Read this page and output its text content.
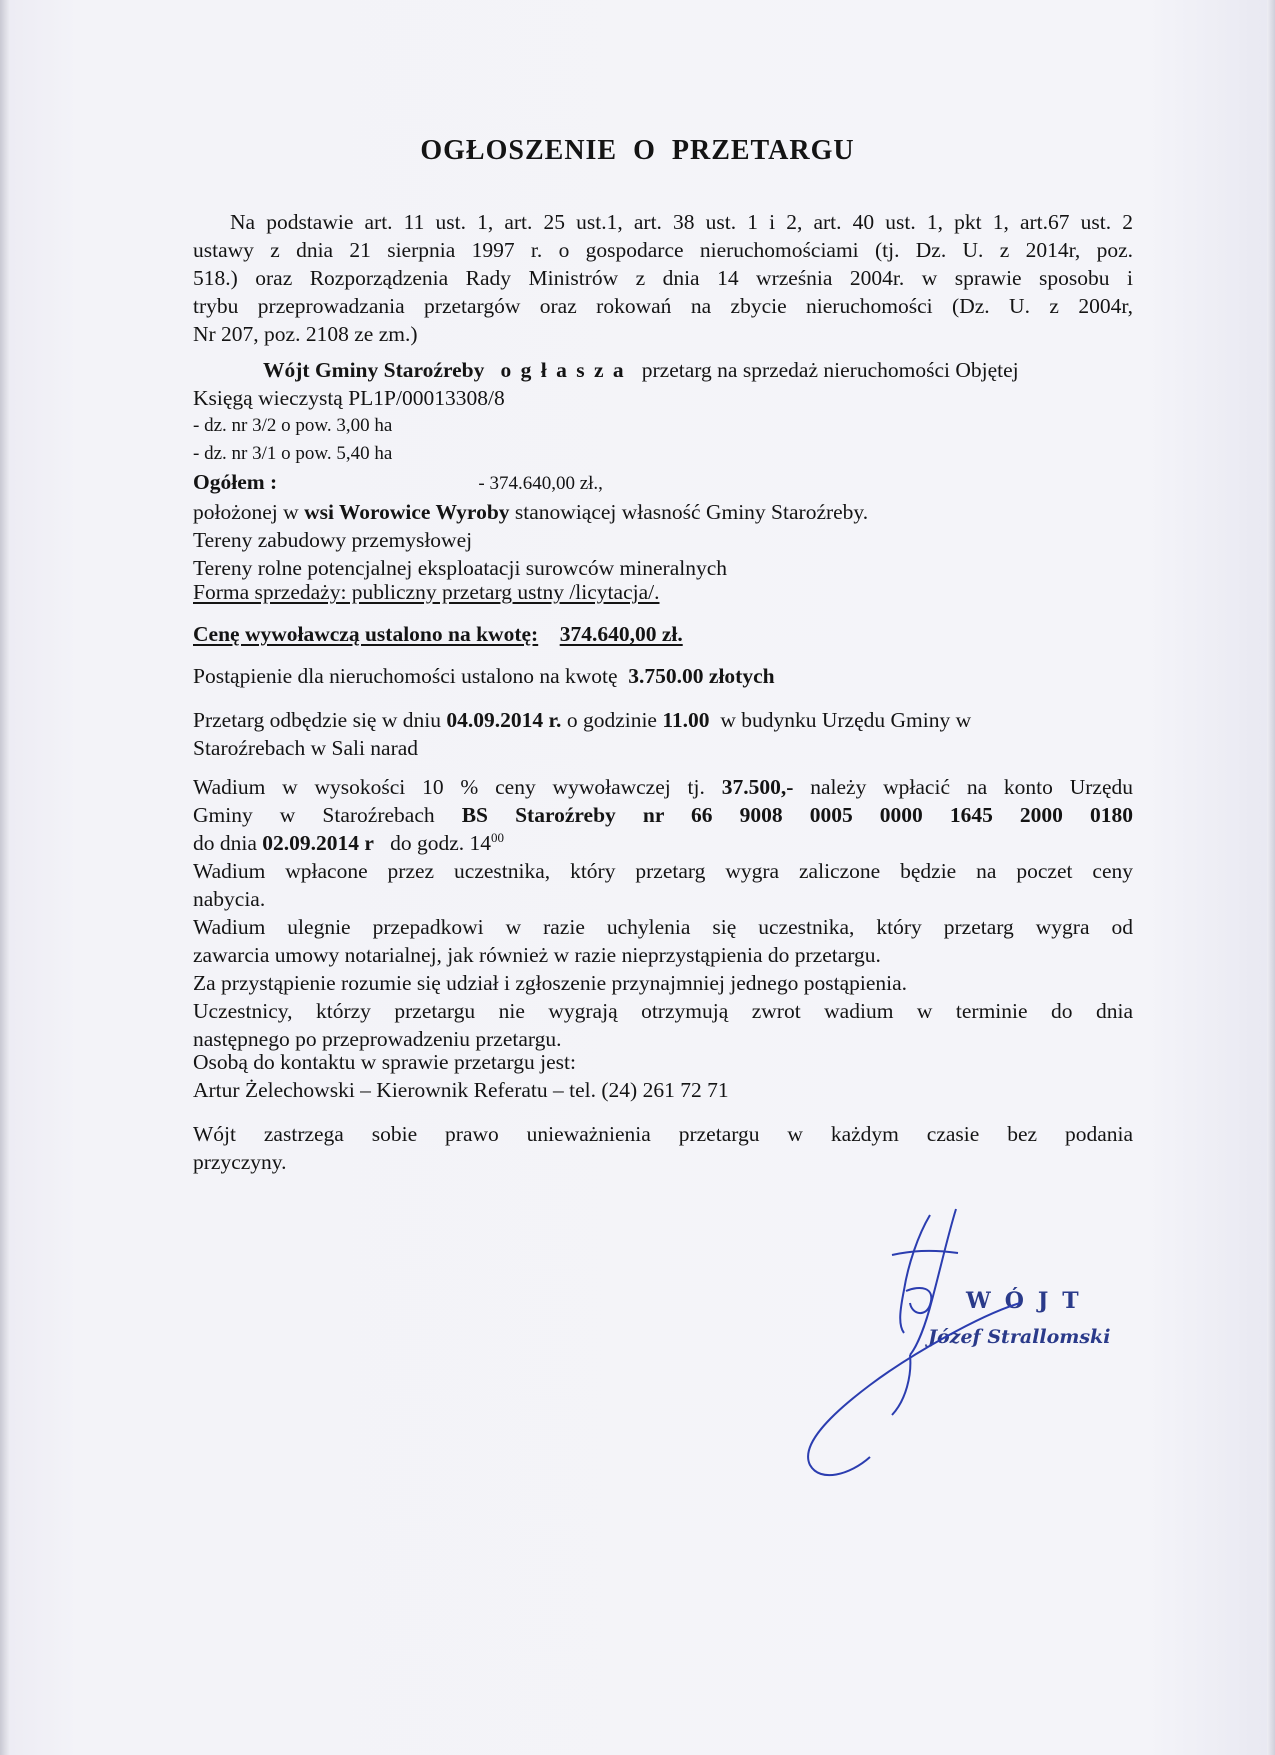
OGŁOSZENIE O PRZETARGU
Na podstawie art. 11 ust. 1, art. 25 ust.1, art. 38 ust. 1 i 2, art. 40 ust. 1, pkt 1, art.67 ust. 2
ustawy z dnia 21 sierpnia 1997 r. o gospodarce nieruchomościami (tj. Dz. U. z 2014r, poz.
518.) oraz Rozporządzenia Rady Ministrów z dnia 14 września 2004r. w sprawie sposobu i
trybu przeprowadzania przetargów oraz rokowań na zbycie nieruchomości (Dz. U. z 2004r,
Nr 207, poz. 2108 ze zm.)
Wójt Gminy Staroźreby o g ł a s z a przetarg na sprzedaż nieruchomości Objętej
Księgą wieczystą PL1P/00013308/8
- dz. nr 3/2 o pow. 3,00 ha
- dz. nr 3/1 o pow. 5,40 ha
Ogółem :	- 374.640,00 zł.,
położonej w wsi Worowice Wyroby stanowiącej własność Gminy Staroźreby.
Tereny zabudowy przemysłowej
Tereny rolne potencjalnej eksploatacji surowców mineralnych
Forma sprzedaży: publiczny przetarg ustny /licytacja/.
Cenę wywoławczą ustalono na kwotę: 374.640,00 zł.
Postąpienie dla nieruchomości ustalono na kwotę 3.750.00 złotych
Przetarg odbędzie się w dniu 04.09.2014 r. o godzinie 11.00 w budynku Urzędu Gminy w
Staroźrebach w Sali narad
Wadium w wysokości 10 % ceny wywoławczej tj. 37.500,- należy wpłacić na konto Urzędu
Gminy w Staroźrebach BS Staroźreby nr 66 9008 0005 0000 1645 2000 0180
do dnia 02.09.2014 r do godz. $14^{00}$
Wadium wpłacone przez uczestnika, który przetarg wygra zaliczone będzie na poczet ceny
nabycia.
Wadium ulegnie przepadkowi w razie uchylenia się uczestnika, który przetarg wygra od
zawarcia umowy notarialnej, jak również w razie nieprzystąpienia do przetargu.
Za przystąpienie rozumie się udział i zgłoszenie przynajmniej jednego postąpienia.
Uczestnicy, którzy przetargu nie wygrają otrzymują zwrot wadium w terminie do dnia
następnego po przeprowadzeniu przetargu.
Osobą do kontaktu w sprawie przetargu jest:
Artur Żelechowski – Kierownik Referatu – tel. (24) 261 72 71
Wójt zastrzega sobie prawo unieważnienia przetargu w każdym czasie bez podania
przyczyny.
WÓJT
Józef Strallomski
